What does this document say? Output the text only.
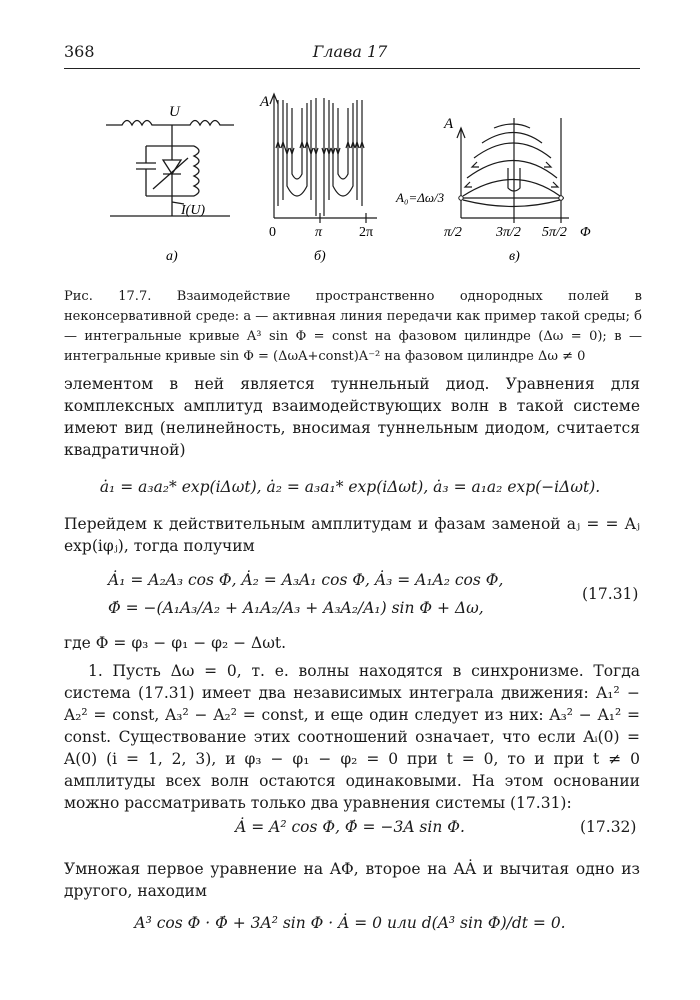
368	Глава 17
U
I(U)
а)
A
0	π	2π
б)
A
A₀=Δω/3
π/2 3π/2 5π/2 Φ
в)
Рис. 17.7. Взаимодействие пространственно однородных полей в неконсервативной среде: а — активная линия передачи как пример такой среды; б — интегральные кривые A³ sin Φ = const на фазовом цилиндре (Δω = 0); в — интегральные кривые sin Φ = (ΔωA+const)A⁻² на фазовом цилиндре Δω ≠ 0
элементом в ней является туннельный диод. Уравнения для комплексных амплитуд взаимодействующих волн в такой системе имеют вид (нелинейность, вносимая туннельным диодом, считается квадратичной)
ȧ₁ = a₃a₂* exp(iΔωt), ȧ₂ = a₃a₁* exp(iΔωt), ȧ₃ = a₁a₂ exp(−iΔωt).
Перейдем к действительным амплитудам и фазам заменой aⱼ = = Aⱼ exp(iφⱼ), тогда получим
Ȧ₁ = A₂A₃ cos Φ, Ȧ₂ = A₃A₁ cos Φ, Ȧ₃ = A₁A₂ cos Φ,
Φ̇ = −(A₁A₃/A₂ + A₁A₂/A₃ + A₃A₂/A₁) sin Φ + Δω,
(17.31)
где Φ = φ₃ − φ₁ − φ₂ − Δωt.
1. Пусть Δω = 0, т. е. волны находятся в синхронизме. Тогда система (17.31) имеет два независимых интеграла движения: A₁² − A₂² = const, A₃² − A₂² = const, и еще один следует из них: A₃² − A₁² = const. Существование этих соотношений означает, что если Aᵢ(0) = A(0) (i = 1, 2, 3), и φ₃ − φ₁ − φ₂ = 0 при t = 0, то и при t ≠ 0 амплитуды всех волн остаются одинаковыми. На этом основании можно рассматривать только два уравнения системы (17.31):
Ȧ = A² cos Φ, Φ̇ = −3A sin Φ.	(17.32)
Умножая первое уравнение на AΦ, второе на AȦ и вычитая одно из другого, находим
A³ cos Φ · Φ̇ + 3A² sin Φ · Ȧ = 0 или d(A³ sin Φ)/dt = 0.
